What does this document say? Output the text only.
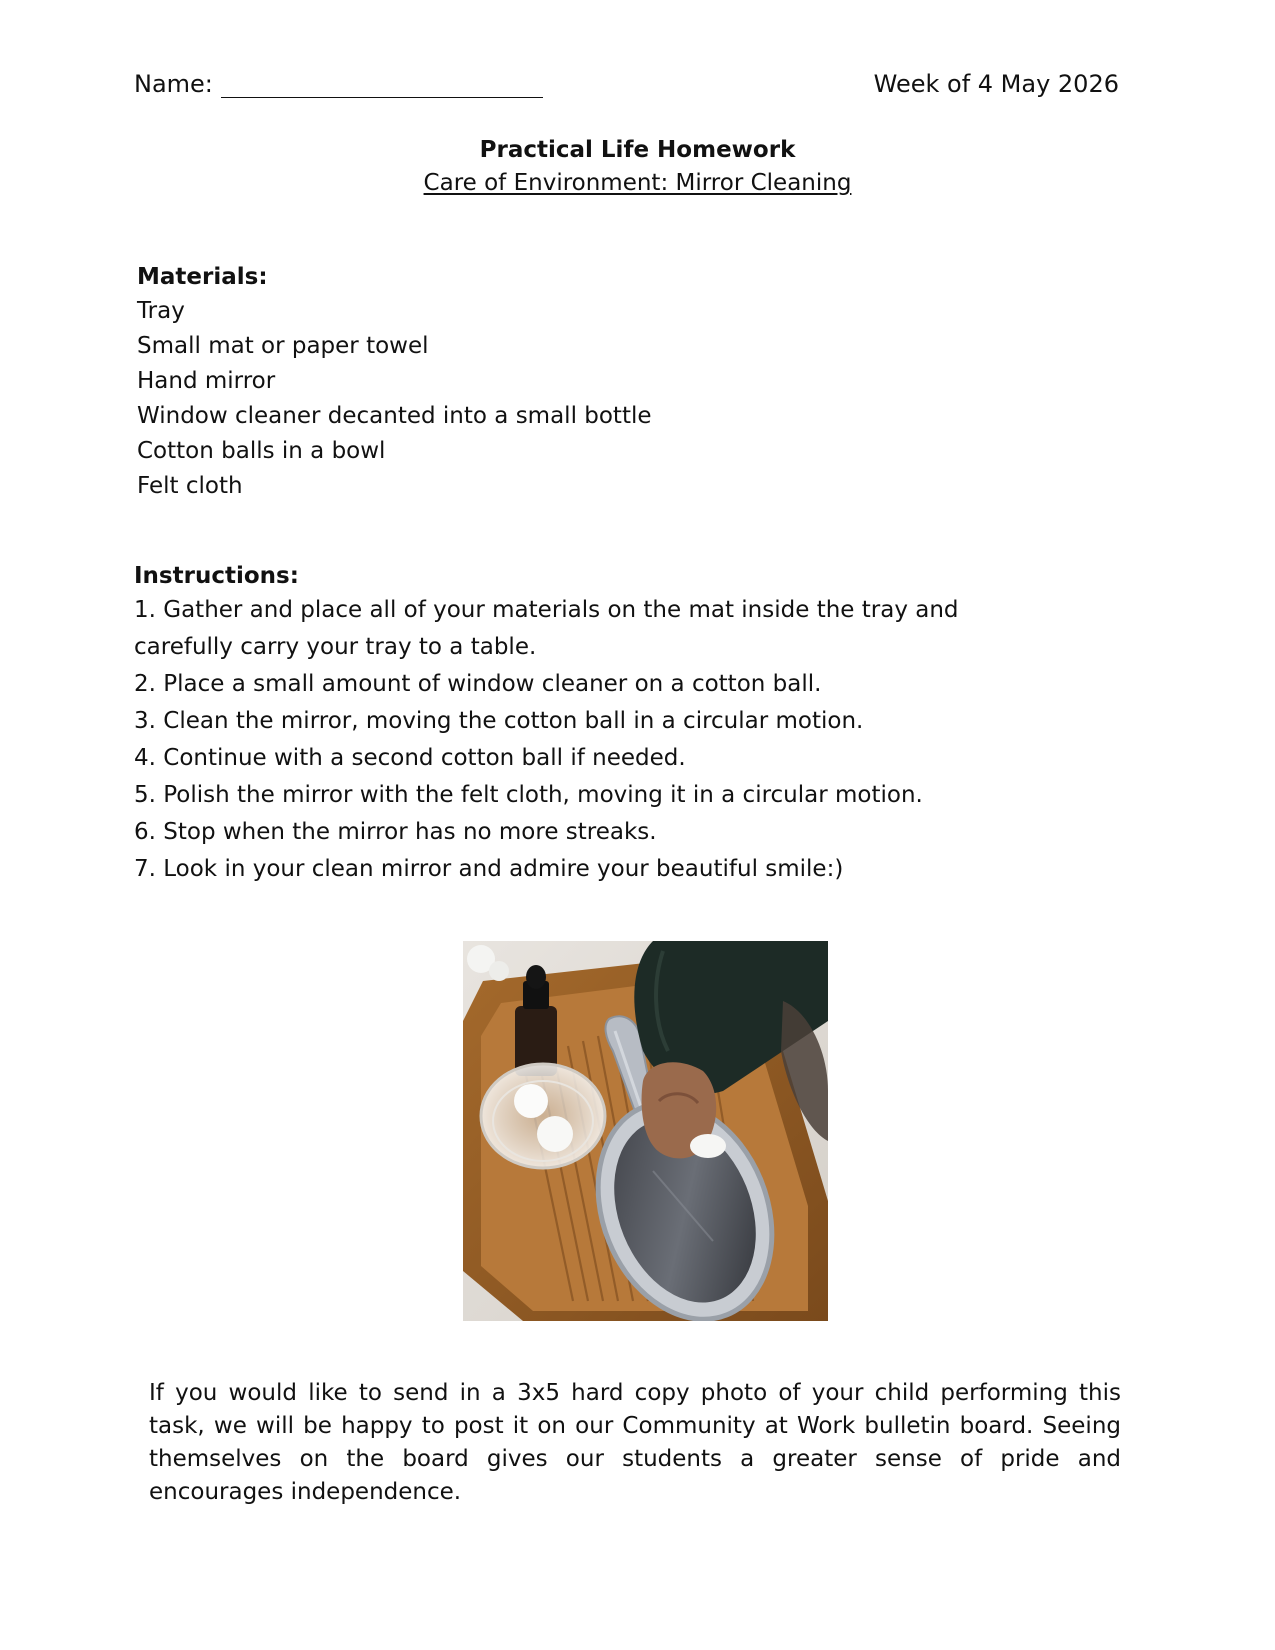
Name:	Week of 4 May 2026
Practical Life Homework
Care of Environment: Mirror Cleaning
Materials:
Tray
Small mat or paper towel
Hand mirror
Window cleaner decanted into a small bottle
Cotton balls in a bowl
Felt cloth
Instructions:
1. Gather and place all of your materials on the mat inside the tray and
carefully carry your tray to a table.
2. Place a small amount of window cleaner on a cotton ball.
3. Clean the mirror, moving the cotton ball in a circular motion.
4. Continue with a second cotton ball if needed.
5. Polish the mirror with the felt cloth, moving it in a circular motion.
6. Stop when the mirror has no more streaks.
7. Look in your clean mirror and admire your beautiful smile:)
If you would like to send in a 3x5 hard copy photo of your child performing this task, we will be happy to post it on our Community at Work bulletin board. Seeing themselves on the board gives our students a greater sense of pride and encourages independence.
